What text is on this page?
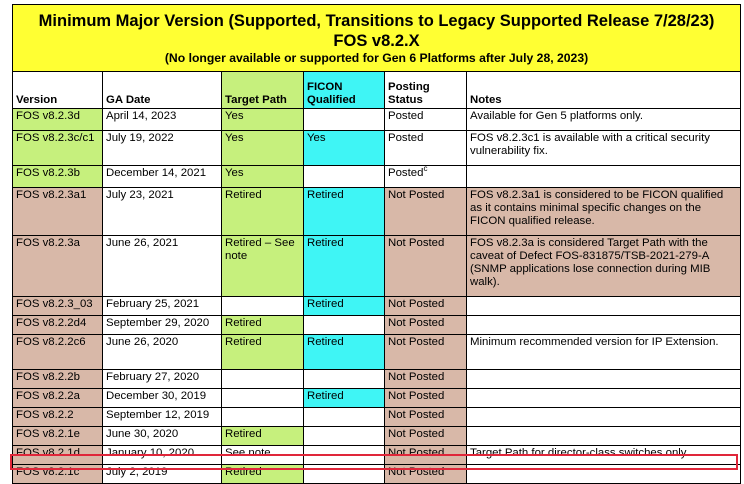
Minimum Major Version (Supported, Transitions to Legacy Supported Release 7/28/23)
FOS v8.2.X
(No longer available or supported for Gen 6 Platforms after July 28, 2023)					

Version	GA Date	Target Path	FICON Qualified	Posting Status	Notes
FOS v8.2.3d	April 14, 2023	Yes		Posted	Available for Gen 5 platforms only.
FOS v8.2.3c/c1	July 19, 2022	Yes	Yes	Posted	FOS v8.2.3c1 is available with a critical security vulnerability fix.
FOS v8.2.3b	December 14, 2021	Yes		Posted$^c$	
FOS v8.2.3a1	July 23, 2021	Retired	Retired	Not Posted	FOS v8.2.3a1 is considered to be FICON qualified as it contains minimal specific changes on the FICON qualified release.
FOS v8.2.3a	June 26, 2021	Retired – See note	Retired	Not Posted	FOS v8.2.3a is considered Target Path with the caveat of Defect FOS-831875/TSB-2021-279-A (SNMP applications lose connection during MIB walk).
FOS v8.2.3_03	February 25, 2021		Retired	Not Posted	
FOS v8.2.2d4	September 29, 2020	Retired		Not Posted	
FOS v8.2.2c6	June 26, 2020	Retired	Retired	Not Posted	Minimum recommended version for IP Extension.
FOS v8.2.2b	February 27, 2020			Not Posted	
FOS v8.2.2a	December 30, 2019		Retired	Not Posted	
FOS v8.2.2	September 12, 2019			Not Posted	
FOS v8.2.1e	June 30, 2020	Retired		Not Posted	
FOS v8.2.1d	January 10, 2020	See note		Not Posted	Target Path for director-class switches only.
FOS v8.2.1c	July 2, 2019	Retired		Not Posted	
